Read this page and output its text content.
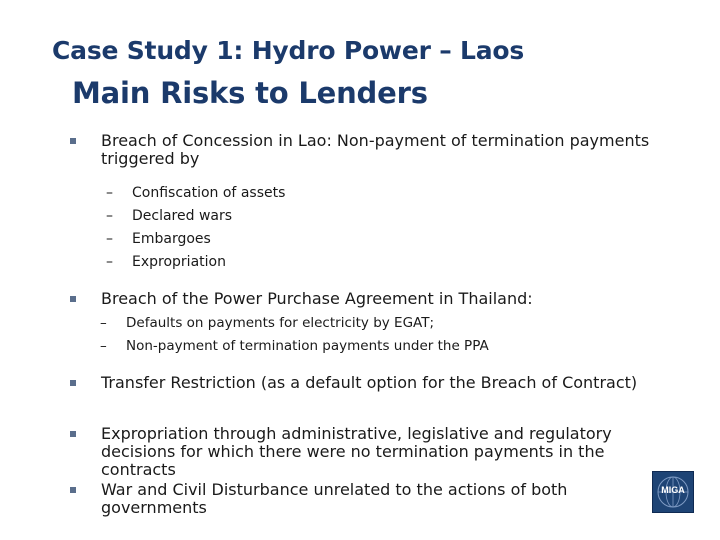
Case Study 1: Hydro Power – Laos
Main Risks to Lenders
Breach of Concession in Lao: Non-payment of termination payments triggered by
– Confiscation of assets
– Declared wars
– Embargoes
– Expropriation
Breach of the Power Purchase Agreement in Thailand:
– Defaults on payments for electricity by EGAT;
– Non-payment of termination payments under the PPA
Transfer Restriction (as a default option for the Breach of Contract)
Expropriation through administrative, legislative and regulatory decisions for which there were no termination payments in the contracts
War and Civil Disturbance unrelated to the actions of both governments
MIGA
